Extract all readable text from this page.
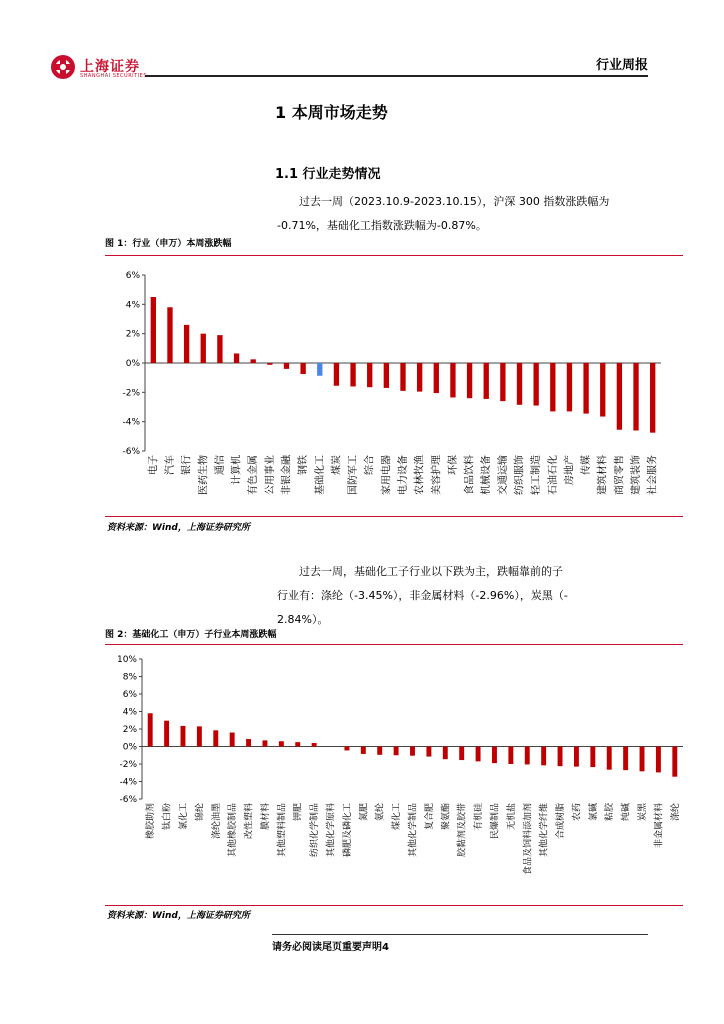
上海证券
SHANGHAI SECURITIES
行业周报
1 本周市场走势
1.1 行业走势情况
过去一周（2023.10.9-2023.10.15），沪深 300 指数涨跌幅为
-0.71%，基础化工指数涨跌幅为-0.87%。
图 1：行业（申万）本周涨跌幅
6%
4%
2%
0%
-2%
-4%
-6%
电子 汽车 银行 医药生物 通信 计算机 有色金属 公用事业 非银金融 钢铁 基础化工 煤炭 国防军工 综合 家用电器 电力设备 农林牧渔 美容护理 环保 食品饮料 机械设备 交通运输 纺织服饰 轻工制造 石油石化 房地产 传媒 建筑材料 商贸零售 建筑装饰 社会服务
资料来源：Wind，上海证券研究所
过去一周，基础化工子行业以下跌为主，跌幅靠前的子
行业有：涤纶（-3.45%），非金属材料（-2.96%），炭黑（-
2.84%）。
图 2：基础化工（申万）子行业本周涨跌幅
10%
8%
6%
4%
2%
0%
-2%
-4%
-6%
橡胶助剂 钛白粉 氯化工 锦纶 涤纶油墨 其他橡胶制品 改性塑料 膜材料 其他塑料制品 钾肥 纺织化学制品 其他化学原料 磷肥及磷化工 氮肥 氨纶 煤化工 其他化学制品 复合肥 聚氨酯 胶黏剂及胶带 有机硅 民爆制品 无机盐 食品及饲料添加剂 其他化学纤维 合成树脂 农药 氯碱 粘胶 纯碱 炭黑 非金属材料 涤纶
资料来源：Wind，上海证券研究所
请务必阅读尾页重要声明4
